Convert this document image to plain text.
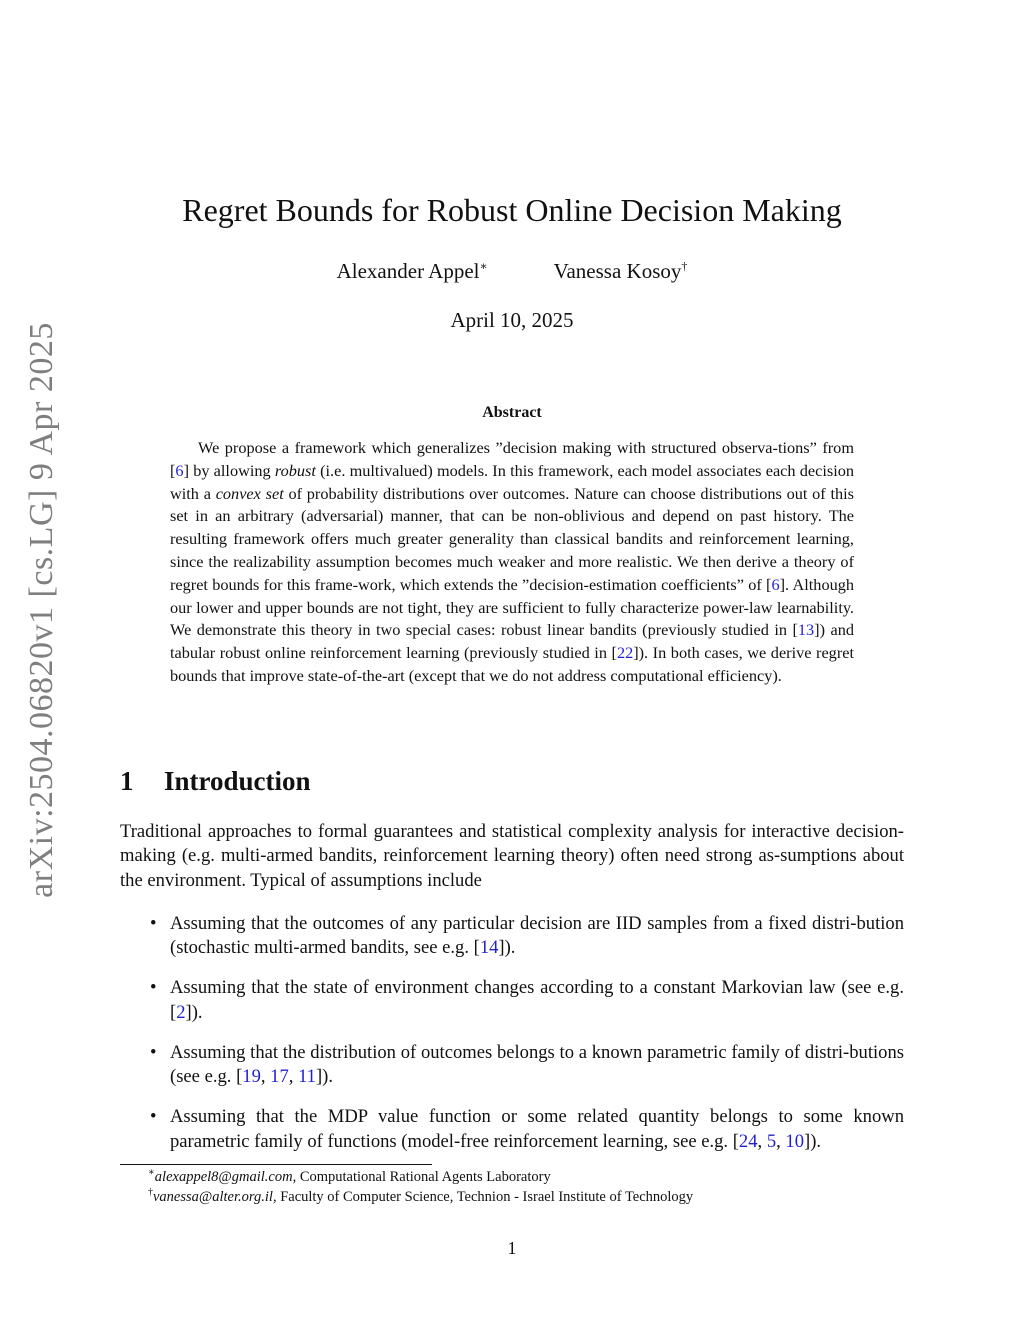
arXiv:2504.06820v1 [cs.LG] 9 Apr 2025
Regret Bounds for Robust Online Decision Making
Alexander Appel∗	Vanessa Kosoy†
April 10, 2025
Abstract
We propose a framework which generalizes ”decision making with structured observa-tions” from [6] by allowing robust (i.e. multivalued) models. In this framework, each model associates each decision with a convex set of probability distributions over outcomes. Nature can choose distributions out of this set in an arbitrary (adversarial) manner, that can be non-oblivious and depend on past history. The resulting framework offers much greater generality than classical bandits and reinforcement learning, since the realizability assumption becomes much weaker and more realistic. We then derive a theory of regret bounds for this frame-work, which extends the ”decision-estimation coefficients” of [6]. Although our lower and upper bounds are not tight, they are sufficient to fully characterize power-law learnability. We demonstrate this theory in two special cases: robust linear bandits (previously studied in [13]) and tabular robust online reinforcement learning (previously studied in [22]). In both cases, we derive regret bounds that improve state-of-the-art (except that we do not address computational efficiency).
1 Introduction
Traditional approaches to formal guarantees and statistical complexity analysis for interactive decision-making (e.g. multi-armed bandits, reinforcement learning theory) often need strong as-sumptions about the environment. Typical of assumptions include
• Assuming that the outcomes of any particular decision are IID samples from a fixed distri-bution (stochastic multi-armed bandits, see e.g. [14]).
• Assuming that the state of environment changes according to a constant Markovian law (see e.g. [2]).
• Assuming that the distribution of outcomes belongs to a known parametric family of distri-butions (see e.g. [19, 17, 11]).
• Assuming that the MDP value function or some related quantity belongs to some known parametric family of functions (model-free reinforcement learning, see e.g. [24, 5, 10]).
∗alexappel8@gmail.com, Computational Rational Agents Laboratory
†vanessa@alter.org.il, Faculty of Computer Science, Technion - Israel Institute of Technology
1
